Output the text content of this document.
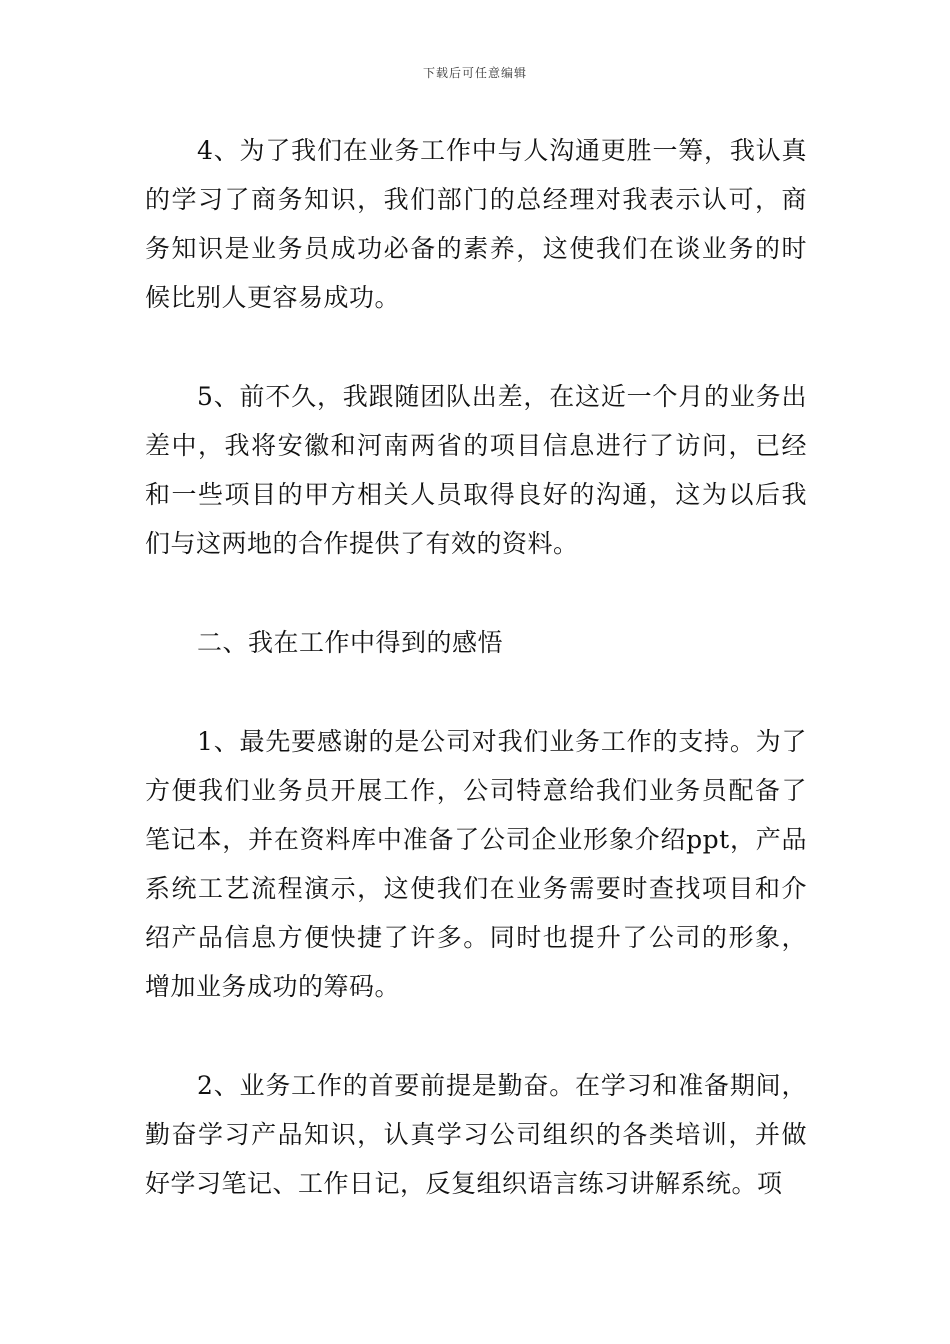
下载后可任意编辑

4、为了我们在业务工作中与人沟通更胜一筹，我认真的学习了商务知识，我们部门的总经理对我表示认可，商务知识是业务员成功必备的素养，这使我们在谈业务的时候比别人更容易成功。

5、前不久，我跟随团队出差，在这近一个月的业务出差中，我将安徽和河南两省的项目信息进行了访问，已经和一些项目的甲方相关人员取得良好的沟通，这为以后我们与这两地的合作提供了有效的资料。

二、我在工作中得到的感悟

1、最先要感谢的是公司对我们业务工作的支持。为了方便我们业务员开展工作，公司特意给我们业务员配备了笔记本，并在资料库中准备了公司企业形象介绍ppt，产品系统工艺流程演示，这使我们在业务需要时查找项目和介绍产品信息方便快捷了许多。同时也提升了公司的形象，增加业务成功的筹码。

2、业务工作的首要前提是勤奋。在学习和准备期间，勤奋学习产品知识，认真学习公司组织的各类培训，并做好学习笔记、工作日记，反复组织语言练习讲解系统。项
